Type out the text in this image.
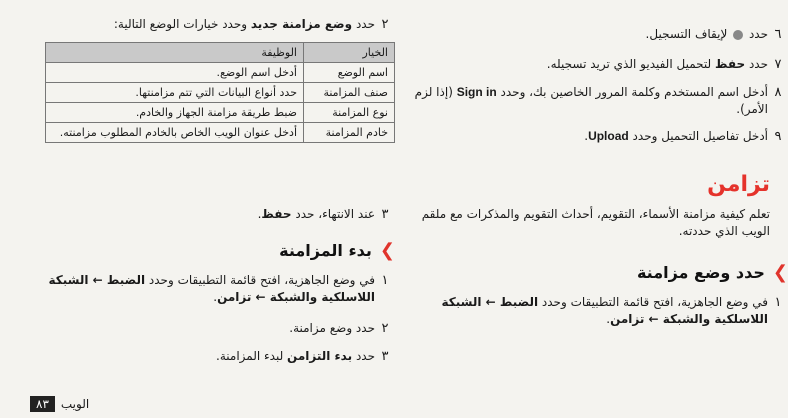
٦
حدد  لإيقاف التسجيل.
٧
حدد حفظ لتحميل الفيديو الذي تريد تسجيله.
٨
أدخل اسم المستخدم وكلمة المرور الخاصين بك، وحدد Sign in (إذا لزم الأمر).
٩
أدخل تفاصيل التحميل وحدد Upload.
تزامن
تعلم كيفية مزامنة الأسماء، التقويم، أحداث التقويم والمذكرات مع ملقم الويب الذي حددته.
❯
حدد وضع مزامنة
١
في وضع الجاهزية، افتح قائمة التطبيقات وحدد الضبط ← الشبكة اللاسلكية والشبكة ← تزامن.
٢
حدد وضع مزامنة جديد وحدد خيارات الوضع التالية:
الخيار	الوظيفة
اسم الوضع	أدخل اسم الوضع.
صنف المزامنة	حدد أنواع البيانات التي تتم مزامنتها.
نوع المزامنة	ضبط طريقة مزامنة الجهاز والخادم.
خادم المزامنة	أدخل عنوان الويب الخاص بالخادم المطلوب مزامنته.
٣
عند الانتهاء، حدد حفظ.
❯
بدء المزامنة
١
في وضع الجاهزية، افتح قائمة التطبيقات وحدد الضبط ← الشبكة اللاسلكية والشبكة ← تزامن.
٢
حدد وضع مزامنة.
٣
حدد بدء التزامن لبدء المزامنة.
الويب
٨٣
